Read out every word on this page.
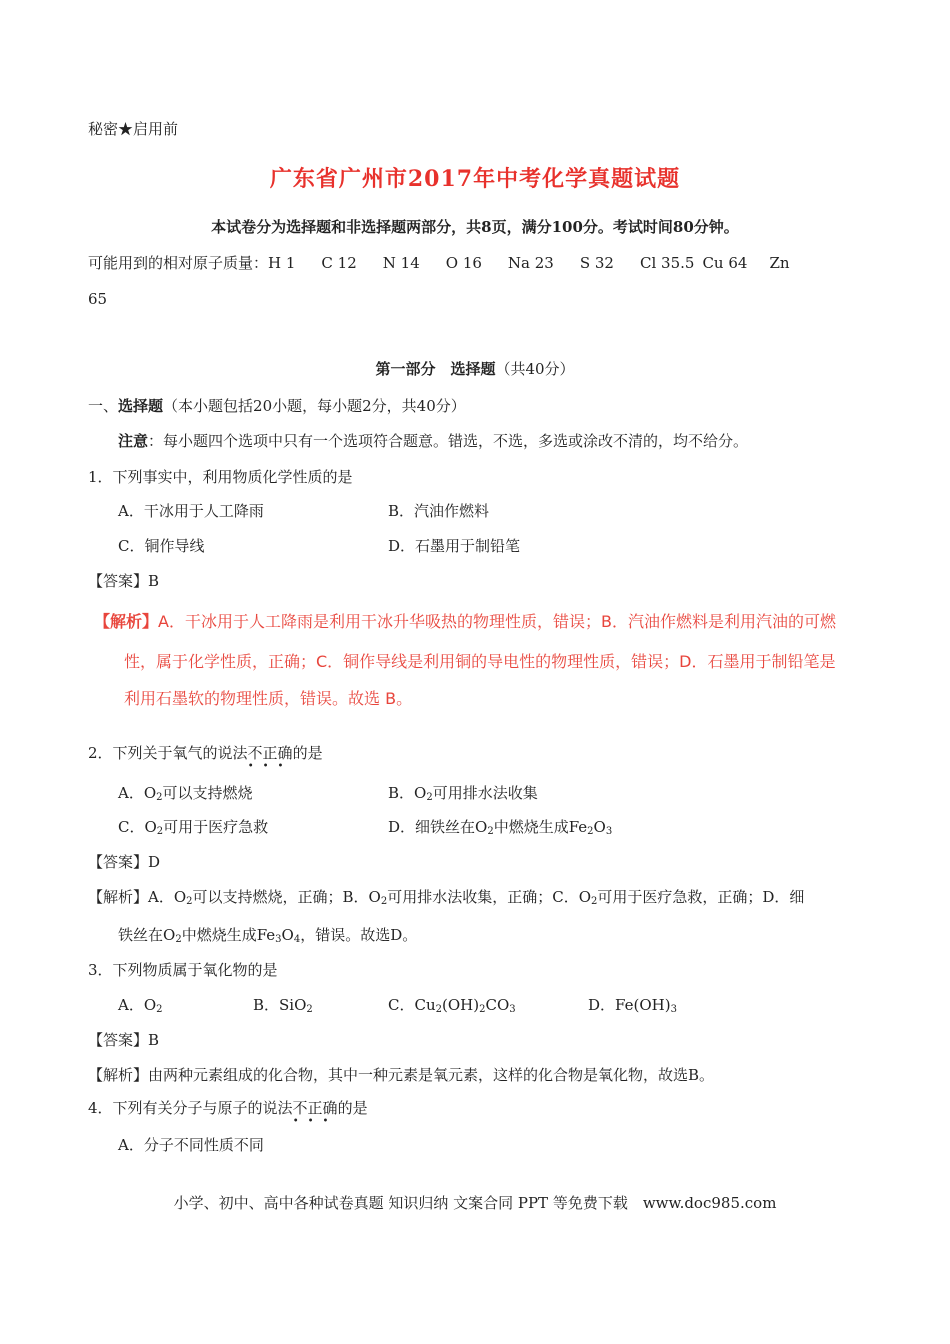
秘密★启用前
广东省广州市2017年中考化学真题试题
本试卷分为选择题和非选择题两部分，共8页，满分100分。考试时间80分钟。
可能用到的相对原子质量：H 1 C 12 N 14 O 16 Na 23 S 32 Cl 35.5 Cu 64 Zn
65
第一部分　选择题（共40分）
一、选择题（本小题包括20小题，每小题2分，共40分）
注意：每小题四个选项中只有一个选项符合题意。错选，不选，多选或涂改不清的，均不给分。
1．下列事实中，利用物质化学性质的是
A．干冰用于人工降雨	B．汽油作燃料
C．铜作导线	D．石墨用于制铅笔
【答案】B
【解析】A．干冰用于人工降雨是利用干冰升华吸热的物理性质，错误；B．汽油作燃料是利用汽油的可燃
性，属于化学性质，正确；C．铜作导线是利用铜的导电性的物理性质，错误；D．石墨用于制铅笔是
利用石墨软的物理性质，错误。故选 B。
2．下列关于氧气的说法不正确
•••
的是
A．$O_2$可以支持燃烧	B．$O_2$可用排水法收集
C．$O_2$可用于医疗急救	D．细铁丝在$O_2$中燃烧生成$Fe_2O_3$
【答案】D
【解析】A．$O_2$可以支持燃烧，正确；B．$O_2$可用排水法收集，正确；C．$O_2$可用于医疗急救，正确；D．细
铁丝在$O_2$中燃烧生成$Fe_3O_4$，错误。故选D。
3．下列物质属于氧化物的是
A．$O_2$	B．SiO$_2$	C．$Cu_2(OH)_2CO_3$	D．$Fe(OH)_3$
【答案】B
【解析】由两种元素组成的化合物，其中一种元素是氧元素，这样的化合物是氧化物，故选B。
4．下列有关分子与原子的说法不正确
•••
的是
A．分子不同性质不同
小学、初中、高中各种试卷真题 知识归纳 文案合同 PPT 等免费下载　www.doc985.com
